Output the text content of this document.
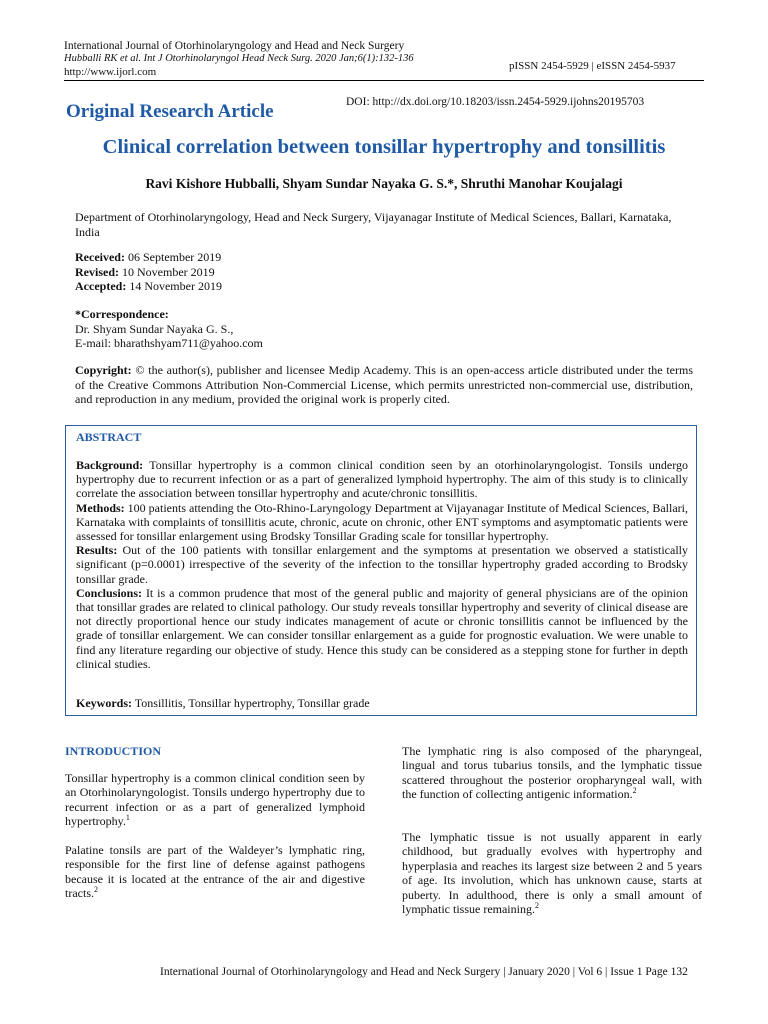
International Journal of Otorhinolaryngology and Head and Neck Surgery
Hubballi RK et al. Int J Otorhinolaryngol Head Neck Surg. 2020 Jan;6(1):132-136
http://www.ijorl.com	pISSN 2454-5929 | eISSN 2454-5937
Original Research Article	DOI: http://dx.doi.org/10.18203/issn.2454-5929.ijohns20195703
Clinical correlation between tonsillar hypertrophy and tonsillitis
Ravi Kishore Hubballi, Shyam Sundar Nayaka G. S.*, Shruthi Manohar Koujalagi
Department of Otorhinolaryngology, Head and Neck Surgery, Vijayanagar Institute of Medical Sciences, Ballari, Karnataka, India
Received: 06 September 2019
Revised: 10 November 2019
Accepted: 14 November 2019
*Correspondence:
Dr. Shyam Sundar Nayaka G. S.,
E-mail: bharathshyam711@yahoo.com
Copyright: © the author(s), publisher and licensee Medip Academy. This is an open-access article distributed under the terms of the Creative Commons Attribution Non-Commercial License, which permits unrestricted non-commercial use, distribution, and reproduction in any medium, provided the original work is properly cited.
ABSTRACT

Background: Tonsillar hypertrophy is a common clinical condition seen by an otorhinolaryngologist. Tonsils undergo hypertrophy due to recurrent infection or as a part of generalized lymphoid hypertrophy. The aim of this study is to clinically correlate the association between tonsillar hypertrophy and acute/chronic tonsillitis.

Methods: 100 patients attending the Oto-Rhino-Laryngology Department at Vijayanagar Institute of Medical Sciences, Ballari, Karnataka with complaints of tonsillitis acute, chronic, acute on chronic, other ENT symptoms and asymptomatic patients were assessed for tonsillar enlargement using Brodsky Tonsillar Grading scale for tonsillar hypertrophy.

Results: Out of the 100 patients with tonsillar enlargement and the symptoms at presentation we observed a statistically significant (p=0.0001) irrespective of the severity of the infection to the tonsillar hypertrophy graded according to Brodsky tonsillar grade.

Conclusions: It is a common prudence that most of the general public and majority of general physicians are of the opinion that tonsillar grades are related to clinical pathology. Our study reveals tonsillar hypertrophy and severity of clinical disease are not directly proportional hence our study indicates management of acute or chronic tonsillitis cannot be influenced by the grade of tonsillar enlargement. We can consider tonsillar enlargement as a guide for prognostic evaluation. We were unable to find any literature regarding our objective of study. Hence this study can be considered as a stepping stone for further in depth clinical studies.

Keywords: Tonsillitis, Tonsillar hypertrophy, Tonsillar grade
INTRODUCTION

Tonsillar hypertrophy is a common clinical condition seen by an Otorhinolaryngologist. Tonsils undergo hypertrophy due to recurrent infection or as a part of generalized lymphoid hypertrophy.$^1$

Palatine tonsils are part of the Waldeyer’s lymphatic ring, responsible for the first line of defense against pathogens because it is located at the entrance of the air and digestive tracts.$^2$

The lymphatic ring is also composed of the pharyngeal, lingual and torus tubarius tonsils, and the lymphatic tissue scattered throughout the posterior oropharyngeal wall, with the function of collecting antigenic information.$^2$

The lymphatic tissue is not usually apparent in early childhood, but gradually evolves with hypertrophy and hyperplasia and reaches its largest size between 2 and 5 years of age. Its involution, which has unknown cause, starts at puberty. In adulthood, there is only a small amount of lymphatic tissue remaining.$^2$

International Journal of Otorhinolaryngology and Head and Neck Surgery | January 2020 | Vol 6 | Issue 1 Page 132
